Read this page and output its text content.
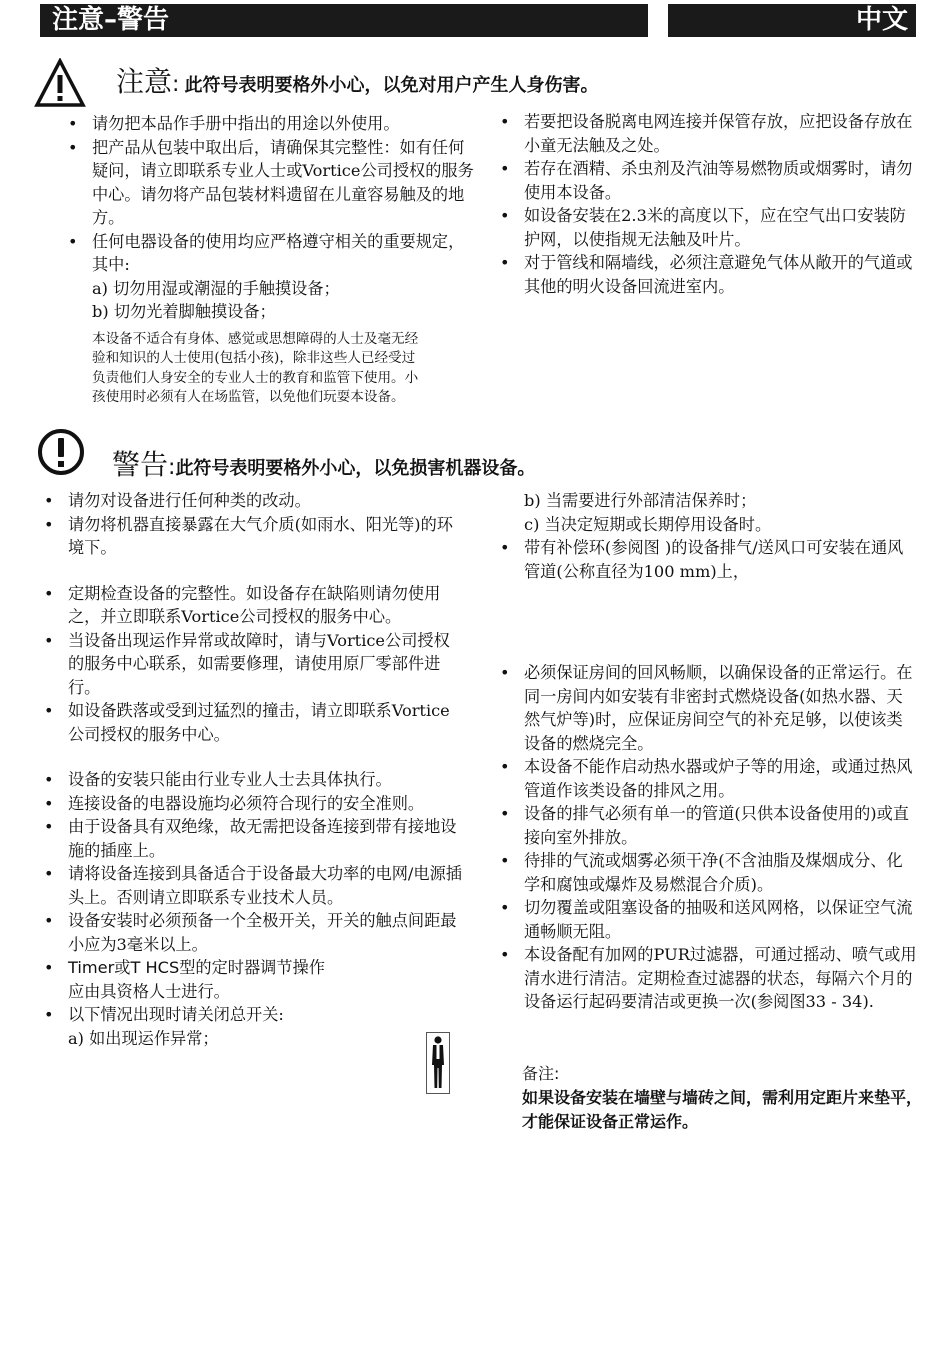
注意–警告	中文
注意: 此符号表明要格外小心，以免对用户产生人身伤害。
• 请勿把本品作手册中指出的用途以外使用。
• 把产品从包装中取出后，请确保其完整性：如有任何疑问，请立即联系专业人士或Vortice公司授权的服务中心。请勿将产品包装材料遗留在儿童容易触及的地方。
• 任何电器设备的使用均应严格遵守相关的重要规定，其中:
a) 切勿用湿或潮湿的手触摸设备；
b) 切勿光着脚触摸设备；
本设备不适合有身体、感觉或思想障碍的人士及毫无经验和知识的人士使用(包括小孩)，除非这些人已经受过负责他们人身安全的专业人士的教育和监管下使用。小孩使用时必须有人在场监管，以免他们玩耍本设备。
• 若要把设备脱离电网连接并保管存放，应把设备存放在小童无法触及之处。
• 若存在酒精、杀虫剂及汽油等易燃物质或烟雾时，请勿使用本设备。
• 如设备安装在2.3米的高度以下，应在空气出口安装防护网，以使指规无法触及叶片。
• 对于管线和隔墙线，必须注意避免气体从敞开的气道或其他的明火设备回流进室内。
警告:此符号表明要格外小心，以免损害机器设备。
• 请勿对设备进行任何种类的改动。
• 请勿将机器直接暴露在大气介质(如雨水、阳光等)的环境下。
• 定期检查设备的完整性。如设备存在缺陷则请勿使用之，并立即联系Vortice公司授权的服务中心。
• 当设备出现运作异常或故障时，请与Vortice公司授权的服务中心联系，如需要修理，请使用原厂零部件进行。
• 如设备跌落或受到过猛烈的撞击，请立即联系Vortice公司授权的服务中心。
• 设备的安装只能由行业专业人士去具体执行。
• 连接设备的电器设施均必须符合现行的安全准则。
• 由于设备具有双绝缘，故无需把设备连接到带有接地设施的插座上。
• 请将设备连接到具备适合于设备最大功率的电网/电源插头上。否则请立即联系专业技术人员。
• 设备安装时必须预备一个全极开关，开关的触点间距最小应为3毫米以上。
• Timer或T HCS型的定时器调节操作应由具资格人士进行。
• 以下情况出现时请关闭总开关:
a) 如出现运作异常；
b) 当需要进行外部清洁保养时；
c) 当决定短期或长期停用设备时。
• 带有补偿环(参阅图 )的设备排气/送风口可安装在通风管道(公称直径为100 mm)上，
• 必须保证房间的回风畅顺，以确保设备的正常运行。在同一房间内如安装有非密封式燃烧设备(如热水器、天然气炉等)时，应保证房间空气的补充足够，以使该类设备的燃烧完全。
• 本设备不能作启动热水器或炉子等的用途，或通过热风管道作该类设备的排风之用。
• 设备的排气必须有单一的管道(只供本设备使用的)或直接向室外排放。
• 待排的气流或烟雾必须干净(不含油脂及煤烟成分、化学和腐蚀或爆炸及易燃混合介质)。
• 切勿覆盖或阻塞设备的抽吸和送风网格，以保证空气流通畅顺无阻。
• 本设备配有加网的PUR过滤器，可通过摇动、喷气或用清水进行清洁。定期检查过滤器的状态，每隔六个月的设备运行起码要清洁或更换一次(参阅图33 - 34).
备注:
如果设备安装在墙壁与墙砖之间，需利用定距片来垫平，才能保证设备正常运作。
